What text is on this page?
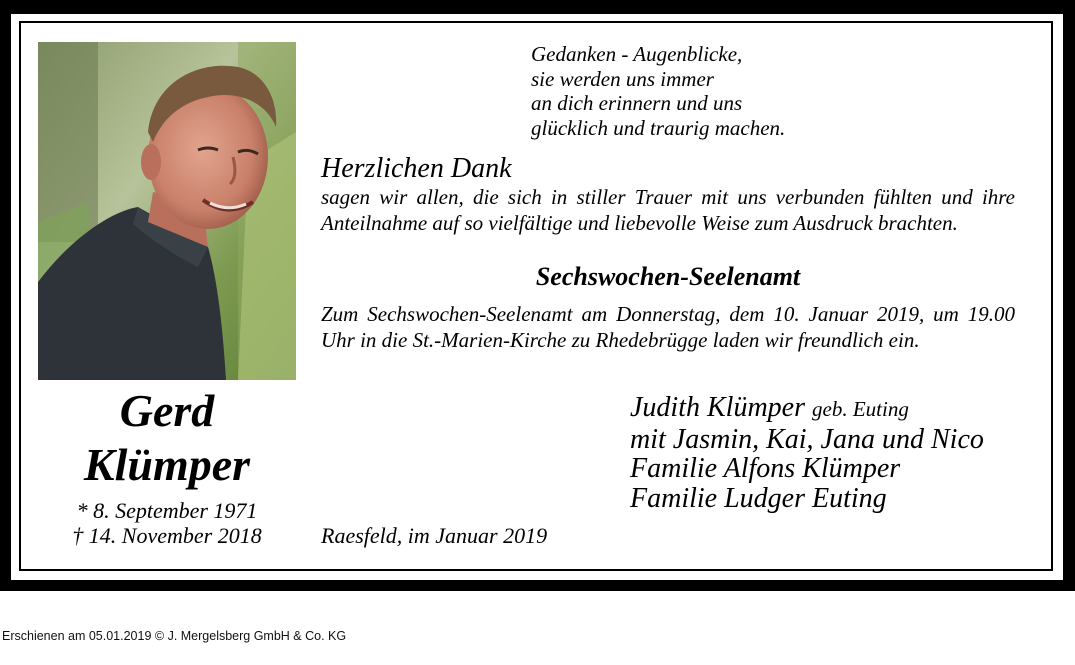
Gerd
Klümper
* 8. September 1971
† 14. November 2018
Gedanken - Augenblicke,
sie werden uns immer
an dich erinnern und uns
glücklich und traurig machen.
Herzlichen Dank
sagen wir allen, die sich in stiller Trauer mit uns verbunden fühlten und ihre Anteilnahme auf so vielfältige und liebevolle Weise zum Ausdruck brachten.
Sechswochen-Seelenamt
Zum Sechswochen-Seelenamt am Donnerstag, dem 10. Januar 2019, um 19.00 Uhr in die St.-Marien-Kirche zu Rhedebrügge laden wir freundlich ein.
Judith Klümper geb. Euting
mit Jasmin, Kai, Jana und Nico
Familie Alfons Klümper
Familie Ludger Euting
Raesfeld, im Januar 2019
Erschienen am 05.01.2019 © J. Mergelsberg GmbH & Co. KG
